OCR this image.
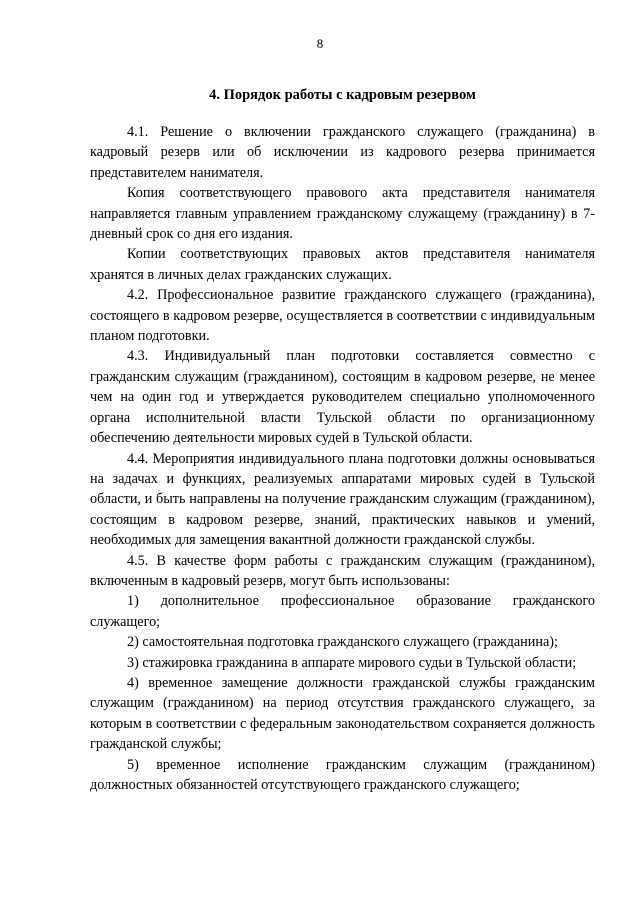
8
4. Порядок работы с кадровым резервом

4.1. Решение о включении гражданского служащего (гражданина) в кадровый резерв или об исключении из кадрового резерва принимается представителем нанимателя.

Копия соответствующего правового акта представителя нанимателя направляется главным управлением гражданскому служащему (гражданину) в 7-дневный срок со дня его издания.

Копии соответствующих правовых актов представителя нанимателя хранятся в личных делах гражданских служащих.

4.2. Профессиональное развитие гражданского служащего (гражданина), состоящего в кадровом резерве, осуществляется в соответствии с индивидуальным планом подготовки.

4.3. Индивидуальный план подготовки составляется совместно с гражданским служащим (гражданином), состоящим в кадровом резерве, не менее чем на один год и утверждается руководителем специально уполномоченного органа исполнительной власти Тульской области по организационному обеспечению деятельности мировых судей в Тульской области.

4.4. Мероприятия индивидуального плана подготовки должны основываться на задачах и функциях, реализуемых аппаратами мировых судей в Тульской области, и быть направлены на получение гражданским служащим (гражданином), состоящим в кадровом резерве, знаний, практических навыков и умений, необходимых для замещения вакантной должности гражданской службы.

4.5. В качестве форм работы с гражданским служащим (гражданином), включенным в кадровый резерв, могут быть использованы:

1) дополнительное профессиональное образование гражданского служащего;

2) самостоятельная подготовка гражданского служащего (гражданина);

3) стажировка гражданина в аппарате мирового судьи в Тульской области;

4) временное замещение должности гражданской службы гражданским служащим (гражданином) на период отсутствия гражданского служащего, за которым в соответствии с федеральным законодательством сохраняется должность гражданской службы;

5) временное исполнение гражданским служащим (гражданином) должностных обязанностей отсутствующего гражданского служащего;
